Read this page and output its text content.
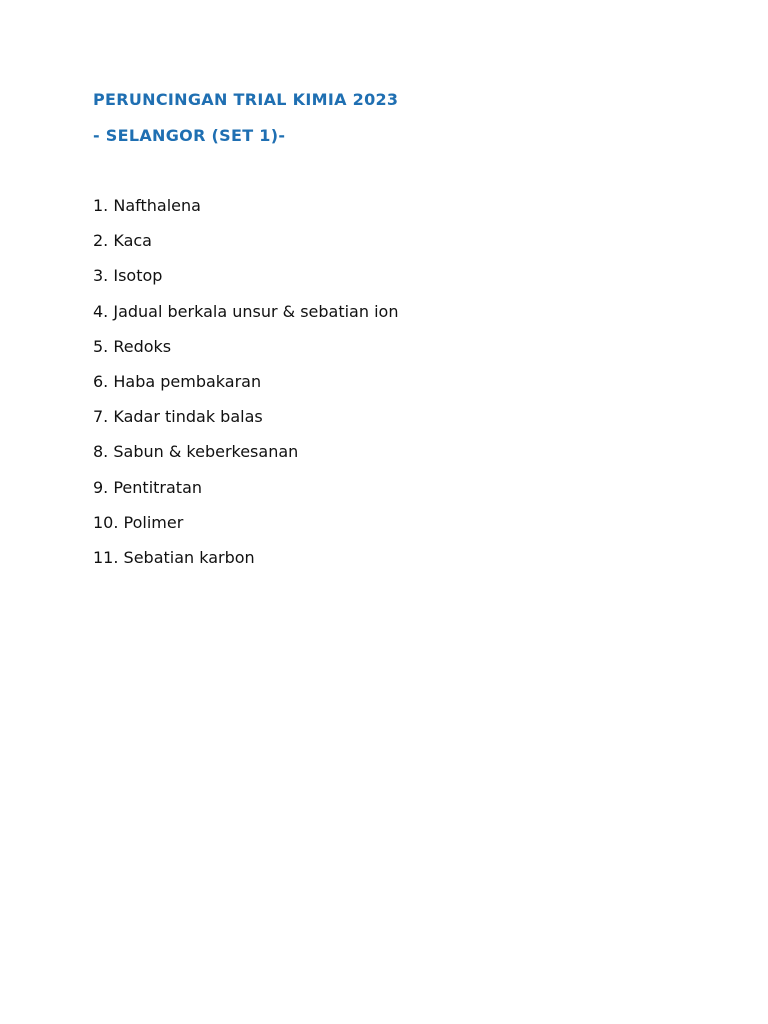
PERUNCINGAN TRIAL KIMIA 2023
- SELANGOR (SET 1)-
1. Nafthalena
2. Kaca
3. Isotop
4. Jadual berkala unsur & sebatian ion
5. Redoks
6. Haba pembakaran
7. Kadar tindak balas
8. Sabun & keberkesanan
9. Pentitratan
10. Polimer
11. Sebatian karbon
